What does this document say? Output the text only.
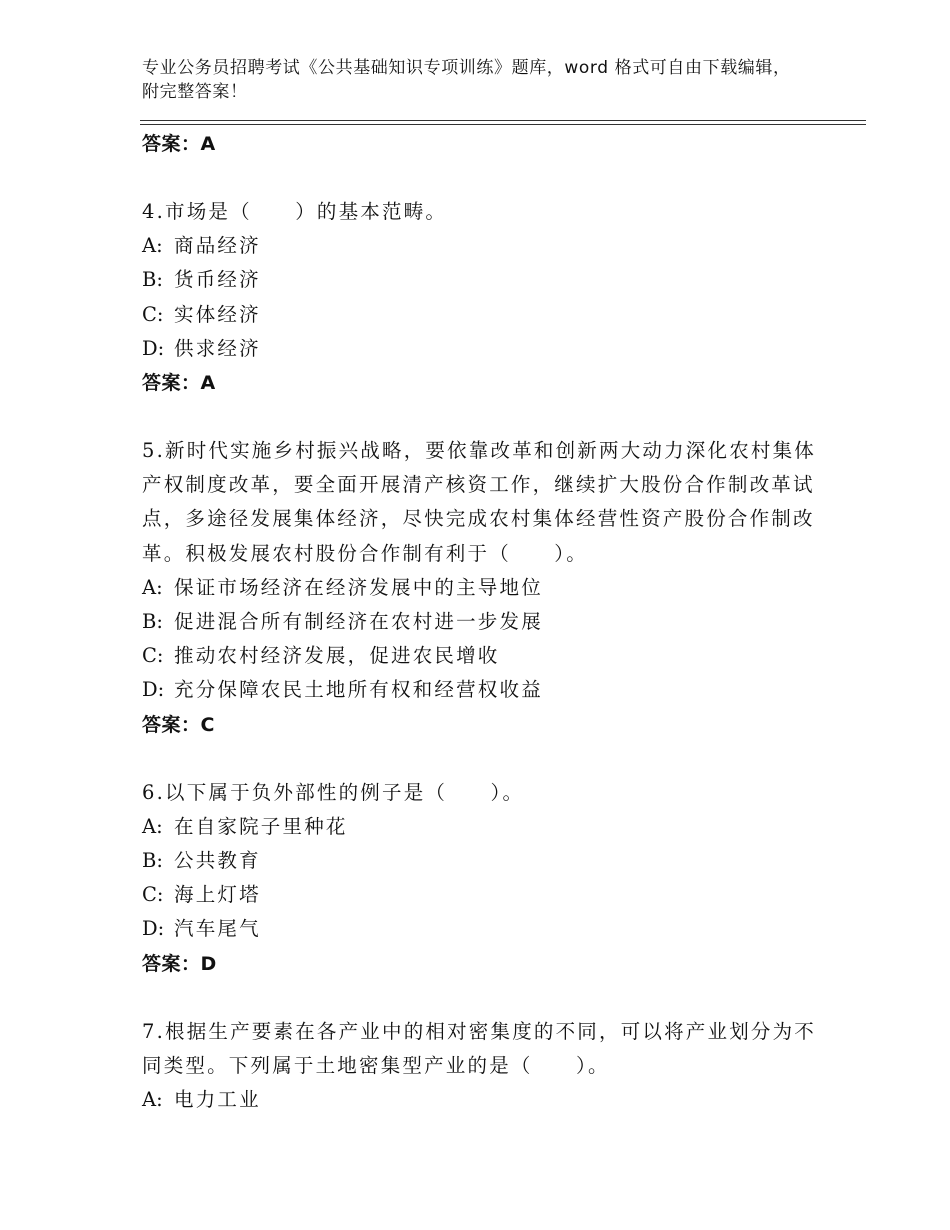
专业公务员招聘考试《公共基础知识专项训练》题库，word 格式可自由下载编辑，附完整答案！
答案：A
4.市场是（　　）的基本范畴。
A: 商品经济
B: 货币经济
C: 实体经济
D: 供求经济
答案：A
5.新时代实施乡村振兴战略，要依靠改革和创新两大动力深化农村集体产权制度改革，要全面开展清产核资工作，继续扩大股份合作制改革试点，多途径发展集体经济，尽快完成农村集体经营性资产股份合作制改革。积极发展农村股份合作制有利于（　　）。
A: 保证市场经济在经济发展中的主导地位
B: 促进混合所有制经济在农村进一步发展
C: 推动农村经济发展，促进农民增收
D: 充分保障农民土地所有权和经营权收益
答案：C
6.以下属于负外部性的例子是（　　）。
A: 在自家院子里种花
B: 公共教育
C: 海上灯塔
D: 汽车尾气
答案：D
7.根据生产要素在各产业中的相对密集度的不同，可以将产业划分为不同类型。下列属于土地密集型产业的是（　　）。
A: 电力工业
